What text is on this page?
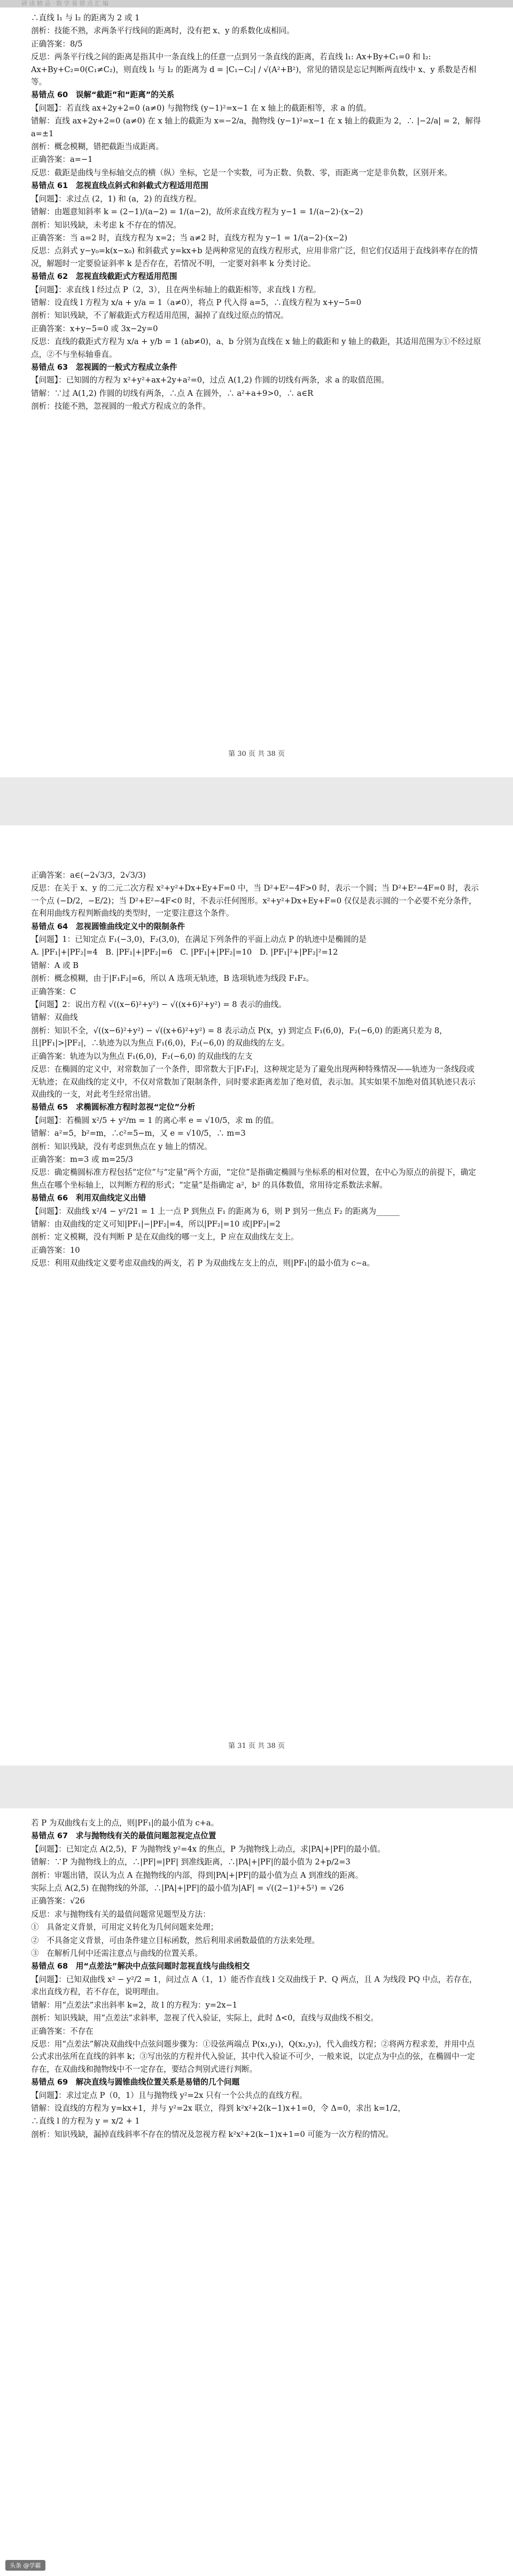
研 读 精 品 · 数 学 易 错 点 汇 编

∴直线 l₁ 与 l₂ 的距离为 2 或 1

剖析：技能不熟，求两条平行线间的距离时，没有把 x、y 的系数化成相同。

正确答案：8/5

反思：两条平行线之间的距离是指其中一条直线上的任意一点到另一条直线的距离，若直线 l₁: Ax+By+C₁=0 和 l₂: Ax+By+C₂=0(C₁≠C₂)，则直线 l₁ 与 l₂ 的距离为 d = |C₁−C₂| / √(A²+B²)，常见的错误是忘记判断两直线中 x、y 系数是否相等。

易错点 60　误解“截距”和“距离”的关系

【问题】：若直线 ax+2y+2=0 (a≠0) 与抛物线 (y−1)²=x−1 在 x 轴上的截距相等，求 a 的值。

错解：直线 ax+2y+2=0 (a≠0) 在 x 轴上的截距为 x=−2/a，抛物线 (y−1)²=x−1 在 x 轴上的截距为 2，∴ |−2/a| = 2，解得 a=±1

剖析：概念模糊，错把截距当成距离。

正确答案：a=−1

反思：截距是曲线与坐标轴交点的横（纵）坐标，它是一个实数，可为正数、负数、零，而距离一定是非负数，区别开来。

易错点 61　忽视直线点斜式和斜截式方程适用范围

【问题】：求过点 (2，1) 和 (a，2) 的直线方程。

错解：由题意知斜率 k = (2−1)/(a−2) = 1/(a−2)，故所求直线方程为 y−1 = 1/(a−2)·(x−2)

剖析：知识残缺，未考虑 k 不存在的情况。

正确答案：当 a=2 时，直线方程为 x=2；当 a≠2 时，直线方程为 y−1 = 1/(a−2)·(x−2)

反思：点斜式 y−y₀=k(x−x₀) 和斜截式 y=kx+b 是两种常见的直线方程形式，应用非常广泛，但它们仅适用于直线斜率存在的情况，解题时一定要验证斜率 k 是否存在，若情况不明，一定要对斜率 k 分类讨论。

易错点 62　忽视直线截距式方程适用范围

【问题】：求直线 l 经过点 P（2，3），且在两坐标轴上的截距相等，求直线 l 方程。

错解：设直线 l 方程为 x/a + y/a = 1（a≠0），将点 P 代入得 a=5，∴直线方程为 x+y−5=0

剖析：知识残缺，不了解截距式方程适用范围，漏掉了直线过原点的情况。

正确答案：x+y−5=0 或 3x−2y=0

反思：直线的截距式方程为 x/a + y/b = 1 (ab≠0)，a、b 分别为直线在 x 轴上的截距和 y 轴上的截距，其适用范围为①不经过原点，②不与坐标轴垂直。

易错点 63　忽视圆的一般式方程成立条件

【问题】：已知圆的方程为 x²+y²+ax+2y+a²=0，过点 A(1,2) 作圆的切线有两条，求 a 的取值范围。

错解：∵过 A(1,2) 作圆的切线有两条，∴点 A 在圆外，∴ a²+a+9>0，∴ a∈R

剖析：技能不熟，忽视圆的一般式方程成立的条件。

第 30 页 共 38 页

正确答案：a∈(−2√3/3，2√3/3)

反思：在关于 x、y 的二元二次方程 x²+y²+Dx+Ey+F=0 中，当 D²+E²−4F>0 时，表示一个圆；当 D²+E²−4F=0 时，表示一个点 (−D/2，−E/2)；当 D²+E²−4F<0 时，不表示任何图形。x²+y²+Dx+Ey+F=0 仅仅是表示圆的一个必要不充分条件，在利用曲线方程判断曲线的类型时，一定要注意这个条件。

易错点 64　忽视圆锥曲线定义中的限制条件

【问题】1：已知定点 F₁(−3,0)，F₂(3,0)，在满足下列条件的平面上动点 P 的轨迹中是椭圆的是

A. |PF₁|+|PF₂|=4　B. |PF₁|+|PF₂|=6　C. |PF₁|+|PF₂|=10　D. |PF₁|²+|PF₂|²=12

错解：A 或 B

剖析：概念模糊，由于|F₁F₂|=6，所以 A 选项无轨迹，B 选项轨迹为线段 F₁F₂。

正确答案：C

【问题】2：说出方程 √((x−6)²+y²) − √((x+6)²+y²) = 8 表示的曲线。

错解：双曲线

剖析：知识不全，√((x−6)²+y²) − √((x+6)²+y²) = 8 表示动点 P(x，y) 到定点 F₁(6,0)，F₂(−6,0) 的距离只差为 8，且|PF₁|>|PF₂|，∴轨迹为以为焦点 F₁(6,0)，F₂(−6,0) 的双曲线的左支。

正确答案：轨迹为以为焦点 F₁(6,0)，F₂(−6,0) 的双曲线的左支

反思：在椭圆的定义中，对常数加了一个条件，即常数大于|F₁F₂|，这种规定是为了避免出现两种特殊情况——轨迹为一条线段或无轨迹；在双曲线的定义中，不仅对常数加了限制条件，同时要求距离差加了绝对值，表示加。其实如果不加绝对值其轨迹只表示双曲线的一支，对此考生经常出错。

易错点 65　求椭圆标准方程时忽视“定位”分析

【问题】：若椭圆 x²/5 + y²/m = 1 的离心率 e = √10/5，求 m 的值。

错解：a²=5，b²=m，∴c²=5−m，又 e = √10/5，∴ m=3

剖析：知识残缺，没有考虑到焦点在 y 轴上的情况。

正确答案：m=3 或 m=25/3

反思：确定椭圆标准方程包括“定位”与“定量”两个方面，“定位”是指确定椭圆与坐标系的相对位置，在中心为原点的前提下，确定焦点在哪个坐标轴上，以判断方程的形式；“定量”是指确定 a²，b² 的具体数值，常用待定系数法求解。

易错点 66　利用双曲线定义出错

【问题】：双曲线 x²/4 − y²/21 = 1 上一点 P 到焦点 F₁ 的距离为 6，则 P 到另一焦点 F₂ 的距离为______

错解：由双曲线的定义可知|PF₁|−|PF₂|=4，所以|PF₂|=10 或|PF₂|=2

剖析：定义模糊，没有判断 P 是在双曲线的哪一支上，P 应在双曲线左支上。

正确答案：10

反思：利用双曲线定义要考虑双曲线的两支，若 P 为双曲线左支上的点，则|PF₁|的最小值为 c−a。

第 31 页 共 38 页

若 P 为双曲线右支上的点，则|PF₁|的最小值为 c+a。

易错点 67　求与抛物线有关的最值问题忽视定点位置

【问题】：已知定点 A(2,5)，F 为抛物线 y²=4x 的焦点，P 为抛物线上动点，求|PA|+|PF|的最小值。

错解：∵P 为抛物线上的点，∴|PF|=|PF| 到准线距离，∴|PA|+|PF|的最小值为 2+p/2=3

剖析：审题出错，误认为点 A 在抛物线的内部，得到|PA|+|PF|的最小值为点 A 到准线的距离。

实际上点 A(2,5) 在抛物线的外部，∴|PA|+|PF|的最小值为|AF| = √((2−1)²+5²) = √26

正确答案：√26

反思：求与抛物线有关的最值问题常见题型及方法：

①　具备定义背景，可用定义转化为几何问题来处理；

②　不具备定义背景，可由条件建立目标函数，然后利用求函数最值的方法来处理。

③　在解析几何中还需注意点与曲线的位置关系。

易错点 68　用“点差法”解决中点弦问题时忽视直线与曲线相交

【问题】：已知双曲线 x² − y²/2 = 1，问过点 A（1，1）能否作直线 l 交双曲线于 P、Q 两点，且 A 为线段 PQ 中点，若存在，求出直线方程，若不存在，说明理由。

错解：用“点差法”求出斜率 k=2，故 l 的方程为：y=2x−1

剖析：知识残缺，用“点差法”求斜率，忽视了代入验证，实际上，此时 Δ<0，直线与双曲线不相交。

正确答案：不存在

反思：用“点差法”解决双曲线中点弦问题步骤为：①设弦两端点 P(x₁,y₁)，Q(x₂,y₂)，代入曲线方程；②将两方程求差，并用中点公式求出弦所在直线的斜率 k；③写出弦的方程并代入验证，其中代入验证不可少，一般来说，以定点为中点的弦，在椭圆中一定存在，在双曲线和抛物线中不一定存在，要结合判别式进行判断。

易错点 69　解决直线与圆锥曲线位置关系是易错的几个问题

【问题】：求过定点 P（0，1）且与抛物线 y²=2x 只有一个公共点的直线方程。

错解：设直线的方程为 y=kx+1，并与 y²=2x 联立，得到 k²x²+2(k−1)x+1=0，令 Δ=0，求出 k=1/2，

∴直线 l 的方程为 y = x/2 + 1

剖析：知识残缺，漏掉直线斜率不存在的情况及忽视方程 k²x²+2(k−1)x+1=0 可能为一次方程的情况。

头条 @学霸
